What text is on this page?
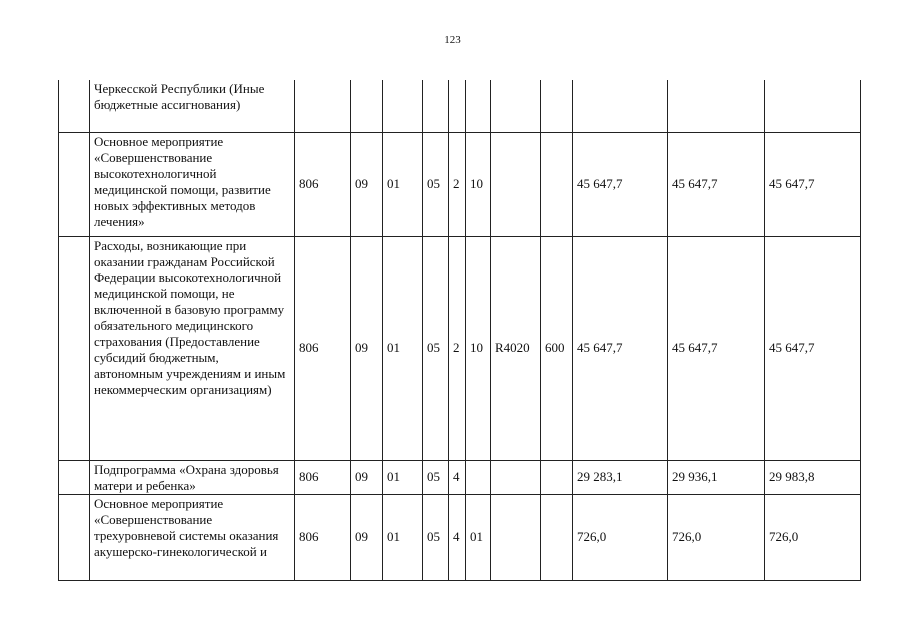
123
	Черкесской Республики (Иные бюджетные ассигнования)											
	Основное мероприятие «Совершенствование высокотехнологичной медицинской помощи, развитие новых эффективных методов лечения»	806	09	01	05	2	10			45 647,7	45 647,7	45 647,7
	Расходы, возникающие при оказании гражданам Российской Федерации высокотехнологичной медицинской помощи, не включенной в базовую программу обязательного медицинского страхования (Предоставление субсидий бюджетным, автономным учреждениям и иным некоммерческим организациям)	806	09	01	05	2	10	R4020	600	45 647,7	45 647,7	45 647,7
	Подпрограмма «Охрана здоровья матери и ребенка»	806	09	01	05	4				29 283,1	29 936,1	29 983,8
	Основное мероприятие «Совершенствование трехуровневой системы оказания акушерско-гинекологической и	806	09	01	05	4	01			726,0	726,0	726,0
